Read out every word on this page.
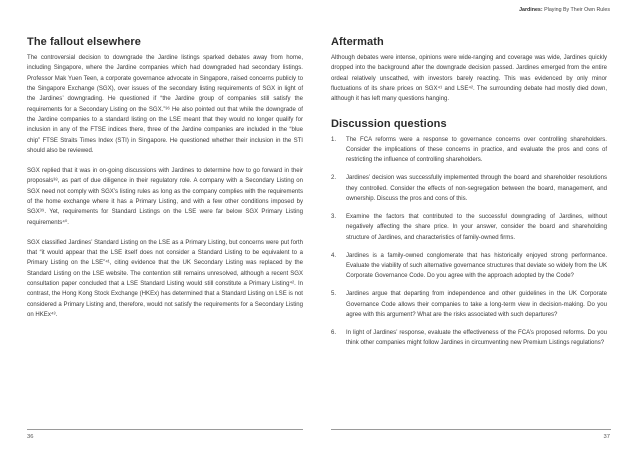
Jardines: Playing By Their Own Rules
The fallout elsewhere

The controversial decision to downgrade the Jardine listings sparked debates away from home, including Singapore, where the Jardine companies which had downgraded had secondary listings. Professor Mak Yuen Teen, a corporate governance advocate in Singapore, raised concerns publicly to the Singapore Exchange (SGX), over issues of the secondary listing requirements of SGX in light of the Jardines’ downgrading. He questioned if “the Jardine group of companies still satisfy the requirements for a Secondary Listing on the SGX.”³⁶ He also pointed out that while the downgrade of the Jardine companies to a standard listing on the LSE meant that they would no longer qualify for inclusion in any of the FTSE indices there, three of the Jardine companies are included in the “blue chip” FTSE Straits Times Index (STI) in Singapore. He questioned whether their inclusion in the STI should also be reviewed.

SGX replied that it was in on-going discussions with Jardines to determine how to go forward in their proposals³⁸, as part of due diligence in their regulatory role. A company with a Secondary Listing on SGX need not comply with SGX’s listing rules as long as the company complies with the requirements of the home exchange where it has a Primary Listing, and with a few other conditions imposed by SGX³⁹. Yet, requirements for Standard Listings on the LSE were far below SGX Primary Listing requirements⁴⁰.

SGX classified Jardines’ Standard Listing on the LSE as a Primary Listing, but concerns were put forth that “it would appear that the LSE itself does not consider a Standard Listing to be equivalent to a Primary Listing on the LSE”⁴¹, citing evidence that the UK Secondary Listing was replaced by the Standard Listing on the LSE website. The contention still remains unresolved, although a recent SGX consultation paper concluded that a LSE Standard Listing would still constitute a Primary Listing⁴². In contrast, the Hong Kong Stock Exchange (HKEx) has determined that a Standard Listing on LSE is not considered a Primary Listing and, therefore, would not satisfy the requirements for a Secondary Listing on HKEx⁴³.

Aftermath

Although debates were intense, opinions were wide-ranging and coverage was wide, Jardines quickly dropped into the background after the downgrade decision passed. Jardines emerged from the entire ordeal relatively unscathed, with investors barely reacting. This was evidenced by only minor fluctuations of its share prices on SGX⁴¹ and LSE⁴². The surrounding debate had mostly died down, although it has left many questions hanging.

Discussion questions
1. The FCA reforms were a response to governance concerns over controlling shareholders. Consider the implications of these concerns in practice, and evaluate the pros and cons of restricting the influence of controlling shareholders.
2. Jardines’ decision was successfully implemented through the board and shareholder resolutions they controlled. Consider the effects of non-segregation between the board, management, and ownership. Discuss the pros and cons of this.
3. Examine the factors that contributed to the successful downgrading of Jardines, without negatively affecting the share price. In your answer, consider the board and shareholding structure of Jardines, and characteristics of family-owned firms.
4. Jardines is a family-owned conglomerate that has historically enjoyed strong performance. Evaluate the viability of such alternative governance structures that deviate so widely from the UK Corporate Governance Code. Do you agree with the approach adopted by the Code?
5. Jardines argue that departing from independence and other guidelines in the UK Corporate Governance Code allows their companies to take a long-term view in decision-making. Do you agree with this argument? What are the risks associated with such departures?
6. In light of Jardines’ response, evaluate the effectiveness of the FCA’s proposed reforms. Do you think other companies might follow Jardines in circumventing new Premium Listings regulations?
36	37
